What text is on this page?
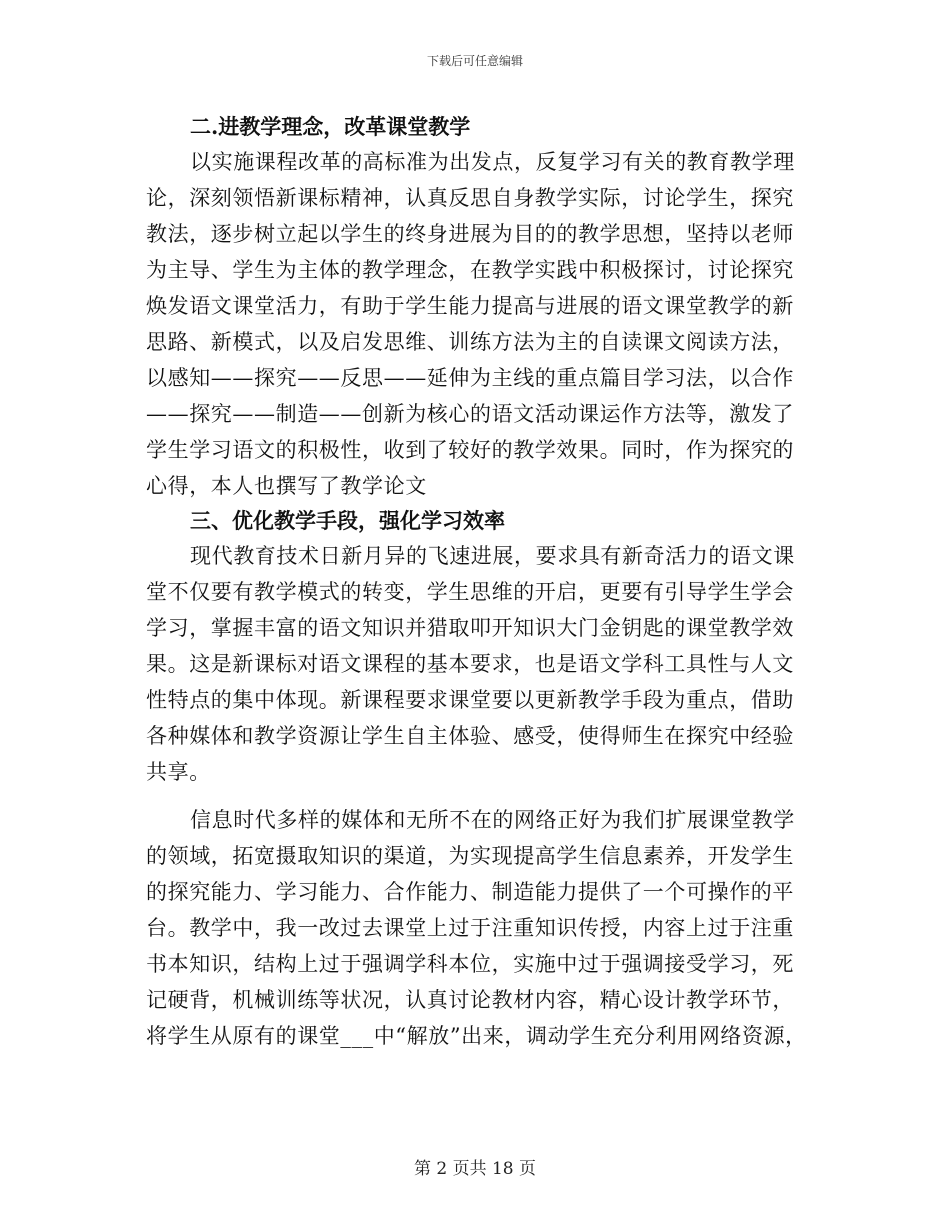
下载后可任意编辑
二.进教学理念，改革课堂教学

以实施课程改革的高标准为出发点，反复学习有关的教育教学理

论，深刻领悟新课标精神，认真反思自身教学实际，讨论学生，探究

教法，逐步树立起以学生的终身进展为目的的教学思想，坚持以老师

为主导、学生为主体的教学理念，在教学实践中积极探讨，讨论探究

焕发语文课堂活力，有助于学生能力提高与进展的语文课堂教学的新

思路、新模式，以及启发思维、训练方法为主的自读课文阅读方法，

以感知——探究——反思——延伸为主线的重点篇目学习法，以合作

——探究——制造——创新为核心的语文活动课运作方法等，激发了

学生学习语文的积极性，收到了较好的教学效果。同时，作为探究的

心得，本人也撰写了教学论文

三、优化教学手段，强化学习效率

现代教育技术日新月异的飞速进展，要求具有新奇活力的语文课

堂不仅要有教学模式的转变，学生思维的开启，更要有引导学生学会

学习，掌握丰富的语文知识并猎取叩开知识大门金钥匙的课堂教学效

果。这是新课标对语文课程的基本要求，也是语文学科工具性与人文

性特点的集中体现。新课程要求课堂要以更新教学手段为重点，借助

各种媒体和教学资源让学生自主体验、感受，使得师生在探究中经验

共享。

信息时代多样的媒体和无所不在的网络正好为我们扩展课堂教学

的领域，拓宽摄取知识的渠道，为实现提高学生信息素养，开发学生

的探究能力、学习能力、合作能力、制造能力提供了一个可操作的平

台。教学中，我一改过去课堂上过于注重知识传授，内容上过于注重

书本知识，结构上过于强调学科本位，实施中过于强调接受学习，死

记硬背，机械训练等状况，认真讨论教材内容，精心设计教学环节，

将学生从原有的课堂___中“解放”出来，调动学生充分利用网络资源，

第 2 页共 18 页
